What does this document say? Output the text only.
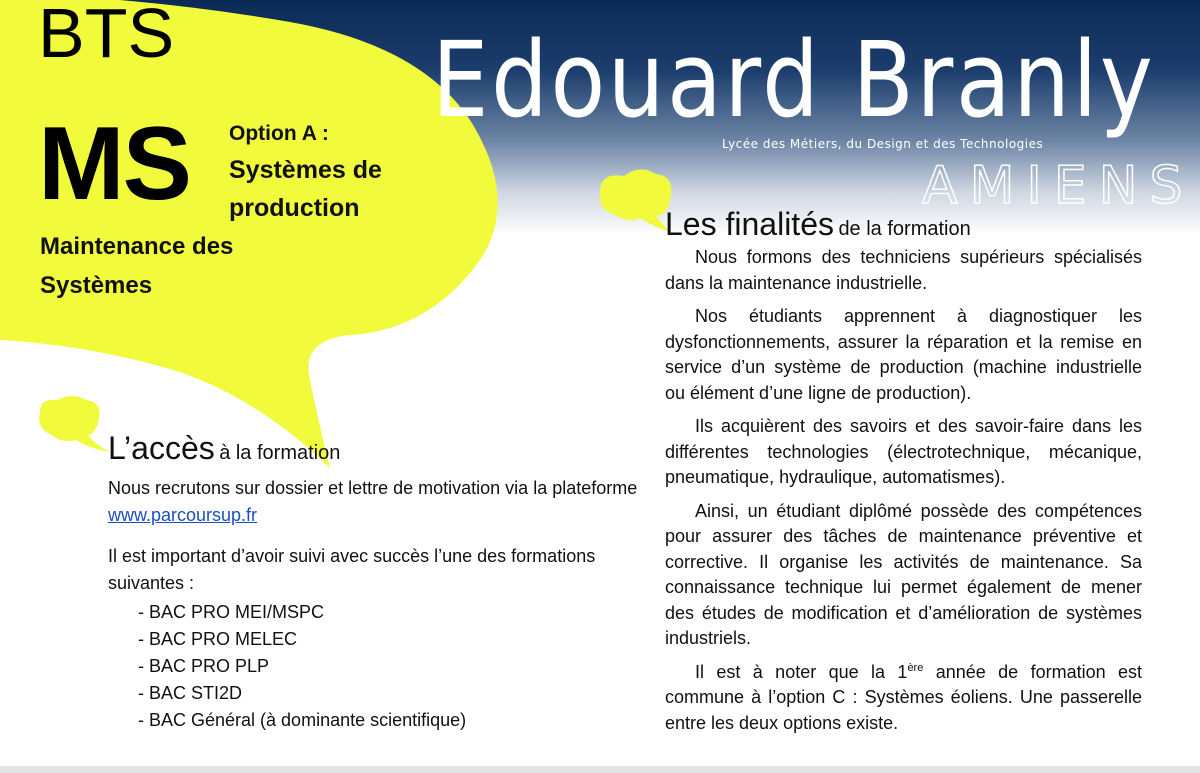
Edouard Branly
Lycée des Métiers, du Design et des Technologies
AMIENS
BTS
MS Option A :
Systèmes de production
Maintenance des Systèmes
L’accès à la formation

Nous recrutons sur dossier et lettre de motivation via la plateforme www.parcoursup.fr

Il est important d’avoir suivi avec succès l’une des formations suivantes :

- BAC PRO MEI/MSPC
- BAC PRO MELEC
- BAC PRO PLP
- BAC STI2D
- BAC Général (à dominante scientifique)
Les finalités de la formation

Nous formons des techniciens supérieurs spécialisés dans la maintenance industrielle.

Nos étudiants apprennent à diagnostiquer les dysfonctionnements, assurer la réparation et la remise en service d’un système de production (machine industrielle ou élément d’une ligne de production).

Ils acquièrent des savoirs et des savoir-faire dans les différentes technologies (électrotechnique, mécanique, pneumatique, hydraulique, automatismes).

Ainsi, un étudiant diplômé possède des compétences pour assurer des tâches de maintenance préventive et corrective. Il organise les activités de maintenance. Sa connaissance technique lui permet également de mener des études de modification et d’amélioration de systèmes industriels.

Il est à noter que la 1ère année de formation est commune à l’option C : Systèmes éoliens. Une passerelle entre les deux options existe.
